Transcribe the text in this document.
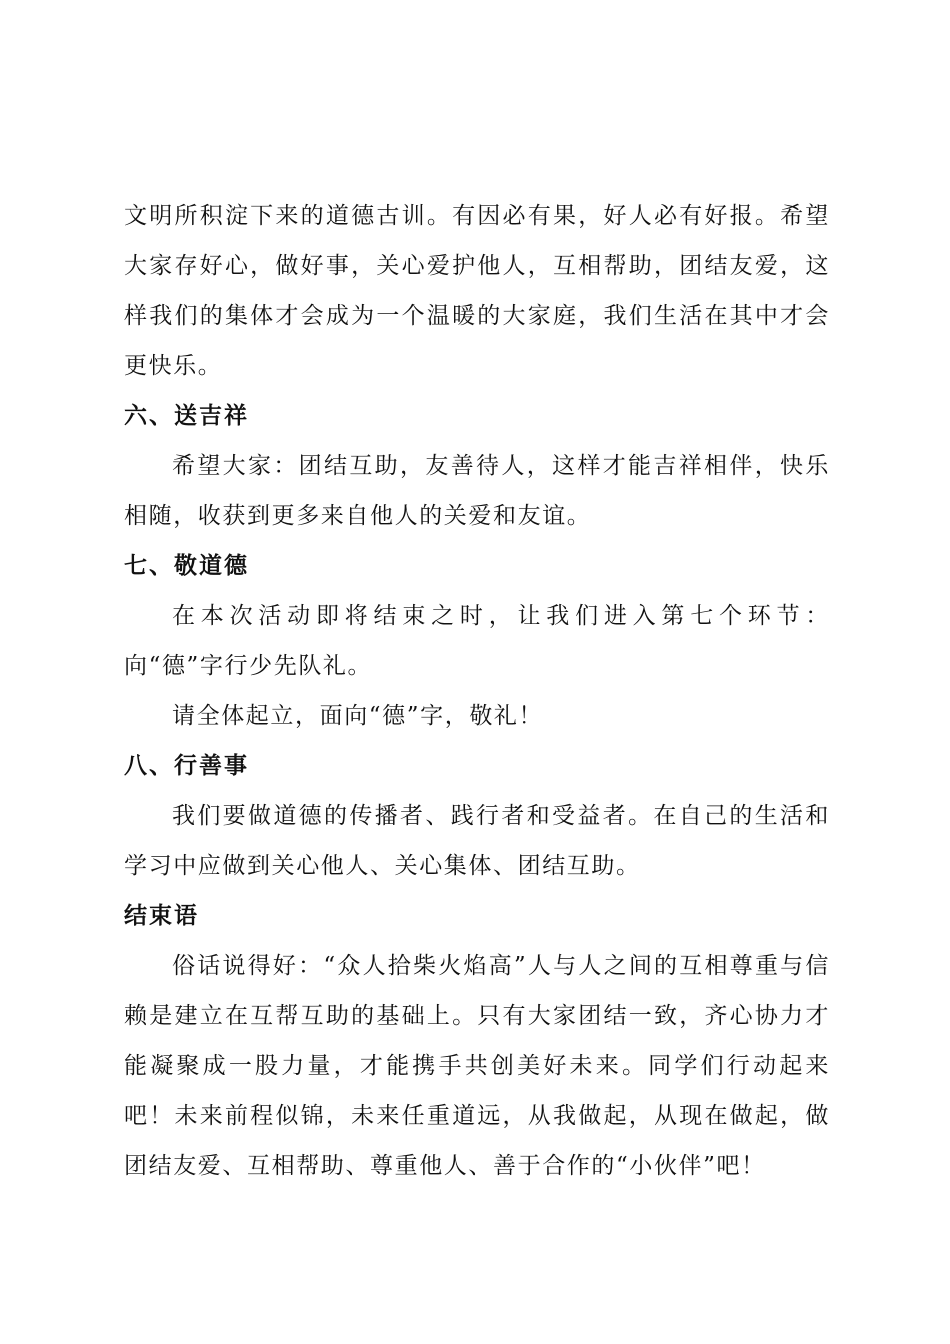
文明所积淀下来的道德古训。有因必有果，好人必有好报。希望大家存好心，做好事，关心爱护他人，互相帮助，团结友爱，这样我们的集体才会成为一个温暖的大家庭，我们生活在其中才会更快乐。

六、送吉祥

希望大家：团结互助，友善待人，这样才能吉祥相伴，快乐相随，收获到更多来自他人的关爱和友谊。

七、敬道德

在本次活动即将结束之时，让我们进入第七个环节：向“德”字行少先队礼。

请全体起立，面向“德”字，敬礼！

八、行善事

我们要做道德的传播者、践行者和受益者。在自己的生活和学习中应做到关心他人、关心集体、团结互助。

结束语

俗话说得好：“众人拾柴火焰高”人与人之间的互相尊重与信赖是建立在互帮互助的基础上。只有大家团结一致，齐心协力才能凝聚成一股力量，才能携手共创美好未来。同学们行动起来吧！未来前程似锦，未来任重道远，从我做起，从现在做起，做团结友爱、互相帮助、尊重他人、善于合作的“小伙伴”吧！
